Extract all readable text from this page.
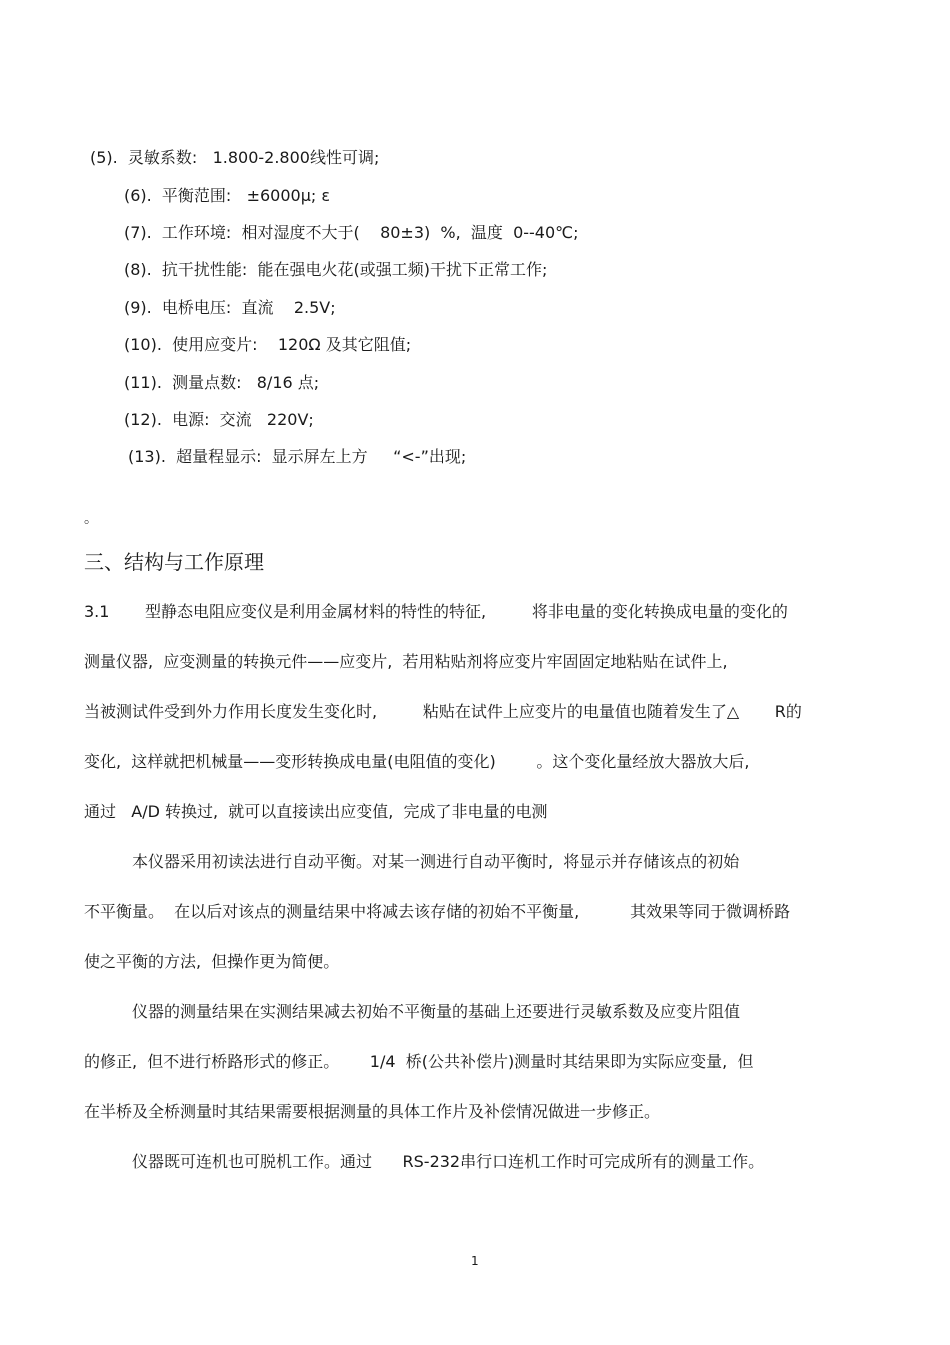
(5).  灵敏系数:   1.800-2.800线性可调;
(6).  平衡范围:   ±6000μ; ε
(7).  工作环境:  相对湿度不大于(    80±3)  %,  温度  0--40℃;
(8).  抗干扰性能:  能在强电火花(或强工频)干扰下正常工作;
(9).  电桥电压:  直流    2.5V;
(10).  使用应变片:    120Ω 及其它阻值;
(11).  测量点数:   8/16 点;
(12).  电源:  交流   220V;
(13).  超量程显示:  显示屏左上方     “<-”出现;
。
三、结构与工作原理
3.1       型静态电阻应变仪是利用金属材料的特性的特征,         将非电量的变化转换成电量的变化的
测量仪器,  应变测量的转换元件——应变片,  若用粘贴剂将应变片牢固固定地粘贴在试件上,
当被测试件受到外力作用长度发生变化时,         粘贴在试件上应变片的电量值也随着发生了△       R的
变化,  这样就把机械量——变形转换成电量(电阻值的变化)        。这个变化量经放大器放大后,
通过   A/D 转换过,  就可以直接读出应变值,  完成了非电量的电测
本仪器采用初读法进行自动平衡。对某一测进行自动平衡时,  将显示并存储该点的初始
不平衡量。  在以后对该点的测量结果中将减去该存储的初始不平衡量,          其效果等同于微调桥路
使之平衡的方法,  但操作更为简便。
仪器的测量结果在实测结果减去初始不平衡量的基础上还要进行灵敏系数及应变片阻值
的修正,  但不进行桥路形式的修正。      1/4  桥(公共补偿片)测量时其结果即为实际应变量,  但
在半桥及全桥测量时其结果需要根据测量的具体工作片及补偿情况做进一步修正。
仪器既可连机也可脱机工作。通过      RS-232串行口连机工作时可完成所有的测量工作。
1
